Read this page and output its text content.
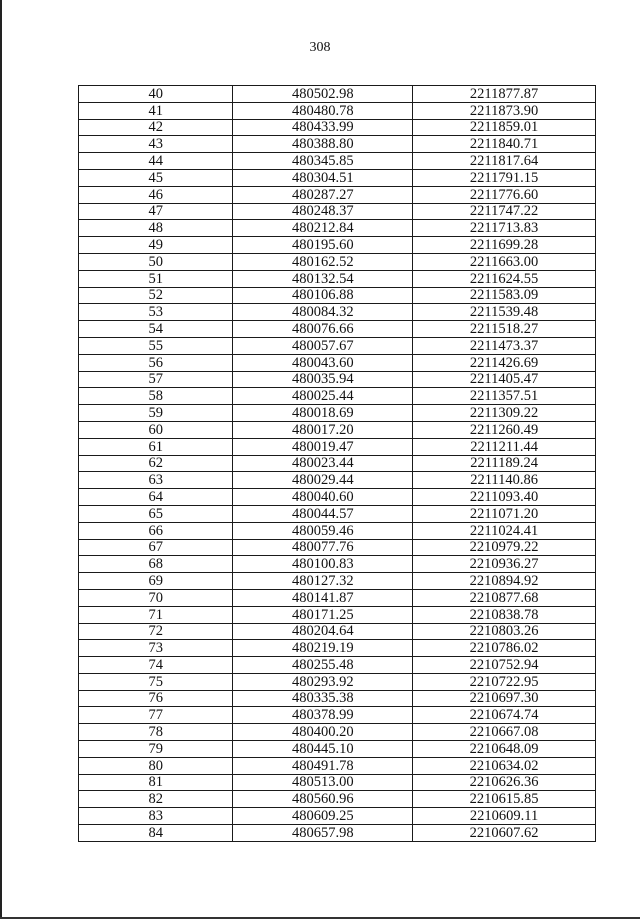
308
40	480502.98	2211877.87
41	480480.78	2211873.90
42	480433.99	2211859.01
43	480388.80	2211840.71
44	480345.85	2211817.64
45	480304.51	2211791.15
46	480287.27	2211776.60
47	480248.37	2211747.22
48	480212.84	2211713.83
49	480195.60	2211699.28
50	480162.52	2211663.00
51	480132.54	2211624.55
52	480106.88	2211583.09
53	480084.32	2211539.48
54	480076.66	2211518.27
55	480057.67	2211473.37
56	480043.60	2211426.69
57	480035.94	2211405.47
58	480025.44	2211357.51
59	480018.69	2211309.22
60	480017.20	2211260.49
61	480019.47	2211211.44
62	480023.44	2211189.24
63	480029.44	2211140.86
64	480040.60	2211093.40
65	480044.57	2211071.20
66	480059.46	2211024.41
67	480077.76	2210979.22
68	480100.83	2210936.27
69	480127.32	2210894.92
70	480141.87	2210877.68
71	480171.25	2210838.78
72	480204.64	2210803.26
73	480219.19	2210786.02
74	480255.48	2210752.94
75	480293.92	2210722.95
76	480335.38	2210697.30
77	480378.99	2210674.74
78	480400.20	2210667.08
79	480445.10	2210648.09
80	480491.78	2210634.02
81	480513.00	2210626.36
82	480560.96	2210615.85
83	480609.25	2210609.11
84	480657.98	2210607.62
